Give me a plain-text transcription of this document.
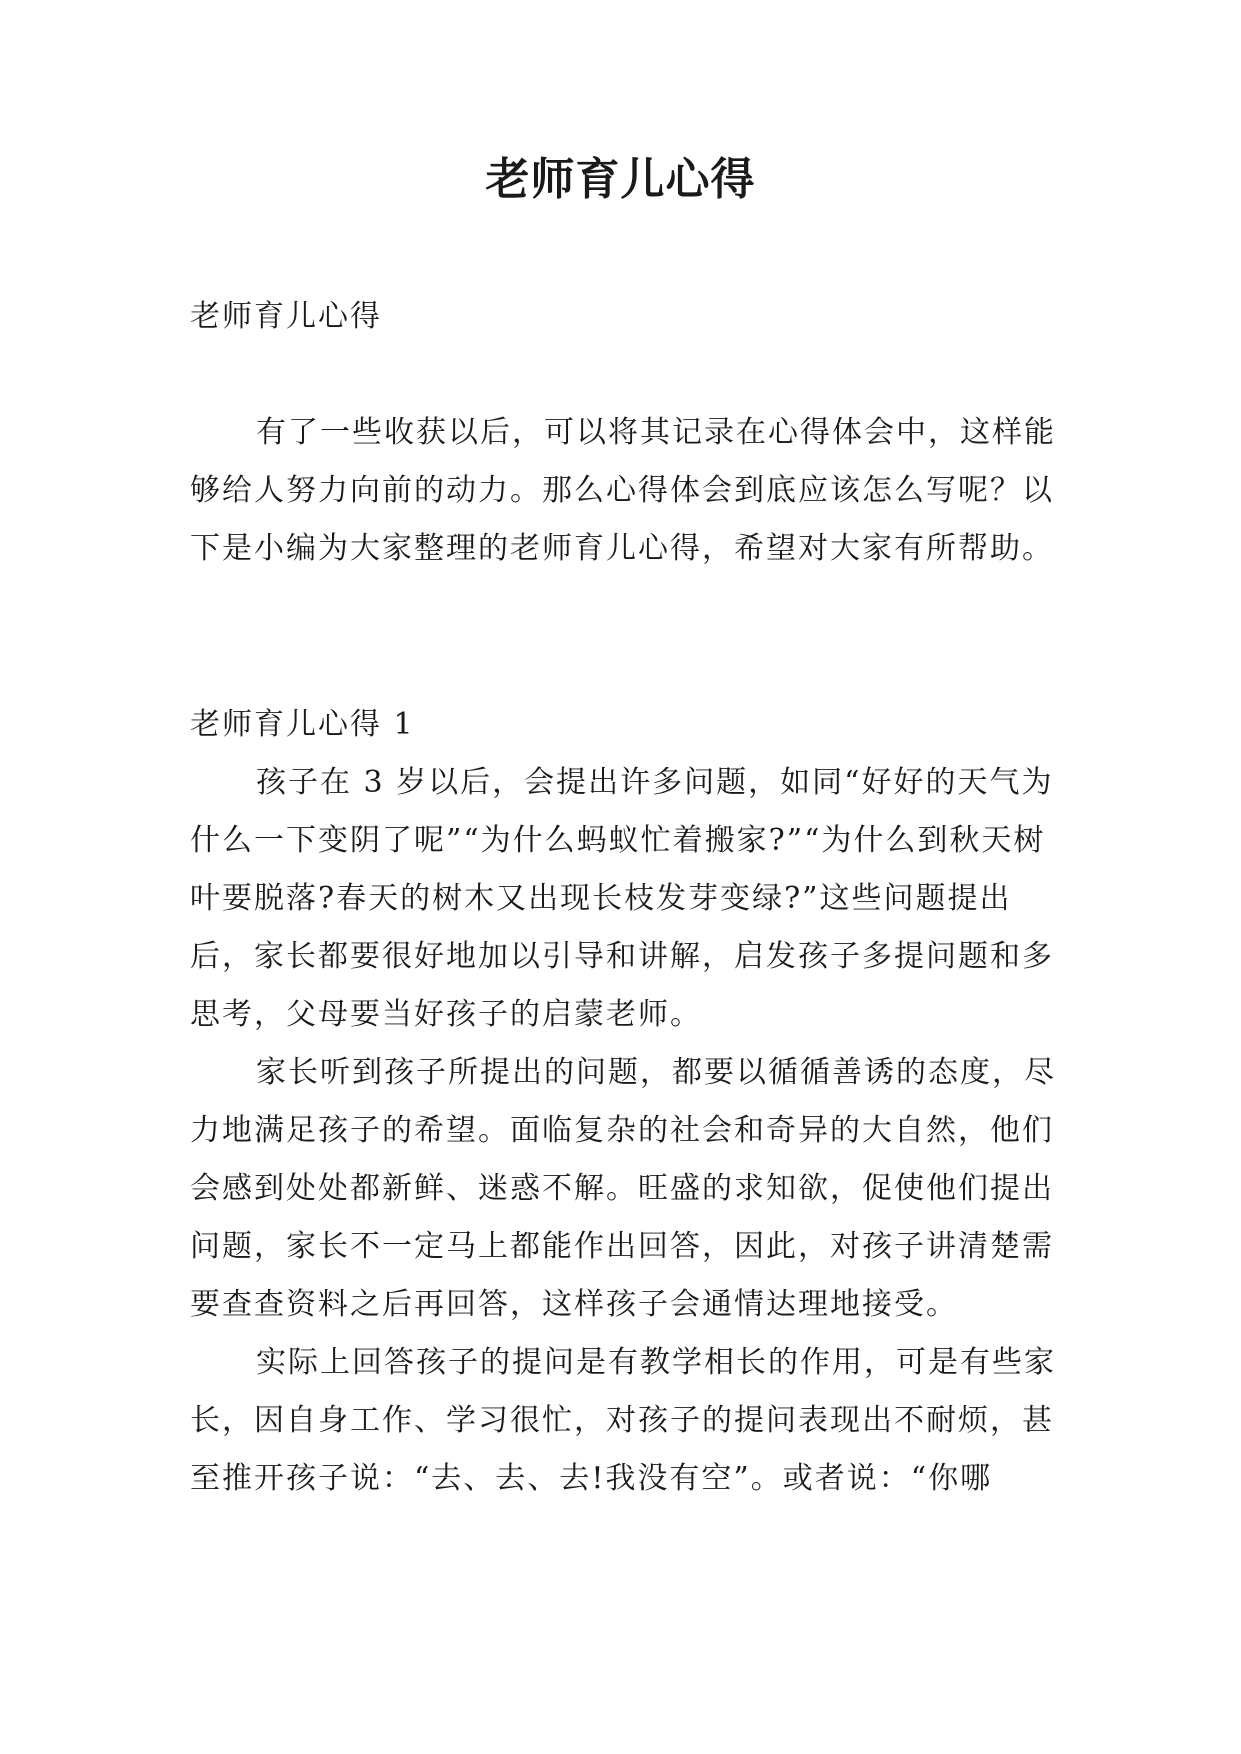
老师育儿心得

老师育儿心得

有了一些收获以后，可以将其记录在心得体会中，这样能够给人努力向前的动力。那么心得体会到底应该怎么写呢？以下是小编为大家整理的老师育儿心得，希望对大家有所帮助。

老师育儿心得 1

孩子在 3 岁以后，会提出许多问题，如同“好好的天气为什么一下变阴了呢”“为什么蚂蚁忙着搬家?”“为什么到秋天树叶要脱落?春天的树木又出现长枝发芽变绿?”这些问题提出后，家长都要很好地加以引导和讲解，启发孩子多提问题和多思考，父母要当好孩子的启蒙老师。

家长听到孩子所提出的问题，都要以循循善诱的态度，尽力地满足孩子的希望。面临复杂的社会和奇异的大自然，他们会感到处处都新鲜、迷惑不解。旺盛的求知欲，促使他们提出问题，家长不一定马上都能作出回答，因此，对孩子讲清楚需要查查资料之后再回答，这样孩子会通情达理地接受。

实际上回答孩子的提问是有教学相长的作用，可是有些家长，因自身工作、学习很忙，对孩子的提问表现出不耐烦，甚至推开孩子说：“去、去、去!我没有空”。或者说：“你哪
